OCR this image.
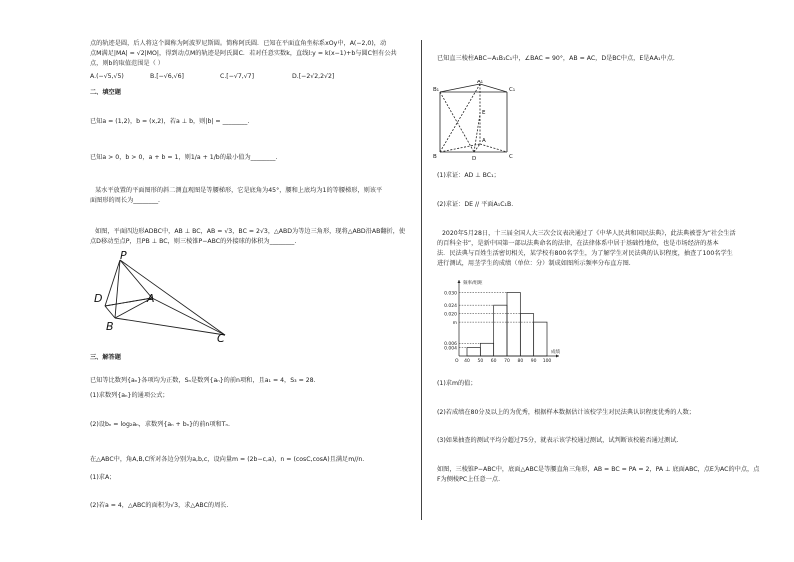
点的轨迹是圆，后人将这个圆称为阿波罗尼斯圆。简称阿氏圆．已知在平面直角坐标系xOy中，A(−2,0)，动
点M满足|MA| = √2|MO|，得到动点M的轨迹是阿氏圆C．若对任意实数k，直线l:y = k(x−1)+b与圆C恒有公共
点，则b的取值范围是（ ）
A.(−√5,√5)	B.[−√6,√6]	C.[−√7,√7]	D.[−2√2,2√2]
二、填空题
已知a = (1,2)，b = (x,2)，若a ⊥ b，则|b| = ________.
已知a > 0，b > 0，a + b = 1，则1/a + 1/b的最小值为________.
某水平放置的平面图形的斜二测直观图是等腰梯形，它是底角为45°，腰和上底均为1的等腰梯形，则该平
面图形的周长为________.
如图，平面四边形ADBC中，AB ⊥ BC，AB = √3，BC = 2√3，△ABD为等边三角形，现将△ABD沿AB翻折，使
点D移动至点P，且PB ⊥ BC，则三棱锥P−ABC的外接球的体积为________.
P
D	A
B
C
三、解答题
已知等比数列{aₙ}各项均为正数，Sₙ是数列{aₙ}的前n项和，且a₁ = 4，S₃ = 28.
(1)求数列{aₙ}的通项公式；
(2)设bₙ = log₂aₙ，求数列{aₙ + bₙ}的前n项和Tₙ.
在△ABC中，角A,B,C所对各边分别为a,b,c，设向量m = (2b−c,a)，n = (cosC,cosA)且满足m//n.
(1)求A；
(2)若a = 4，△ABC的面积为√3，求△ABC的周长.
已知直三棱柱ABC−A₁B₁C₁中，∠BAC = 90°，AB = AC，D是BC中点，E是AA₁中点.
A₁
B₁	C₁
E
A
B	C
D
(1)求证：AD ⊥ BC₁；
(2)求证：DE // 平面A₁C₁B.
2020年5月28日，十三届全国人大三次会议表决通过了《中华人民共和国民法典》，此法典被誉为“社会生活
的百科全书”，是新中国第一部以法典命名的法律，在法律体系中居于基础性地位，也是市场经济的基本
法．民法典与百姓生活密切相关，某学校有800名学生，为了解学生对民法典的认识程度，抽查了100名学生
进行测试，用茎学生的成绩（单位：分）制成如图所示频率分布直方图.
0.004
0.006
0.024
0.030
0.020
m
40 50 60 70 80 90 100
成绩
频率/组距
O
(1)求m的值；
(2)若成绩在80分及以上的为优秀，根据样本数据估计该校学生对民法典认识程度优秀的人数；
(3)如果抽查的测试平均分超过75分，就表示该学校通过测试，试判断该校能否通过测试.
如图，三棱锥P−ABC中，底面△ABC是等腰直角三角形，AB = BC = PA = 2，PA ⊥ 底面ABC，点E为AC的中点，点
F为侧棱PC上任意一点.
